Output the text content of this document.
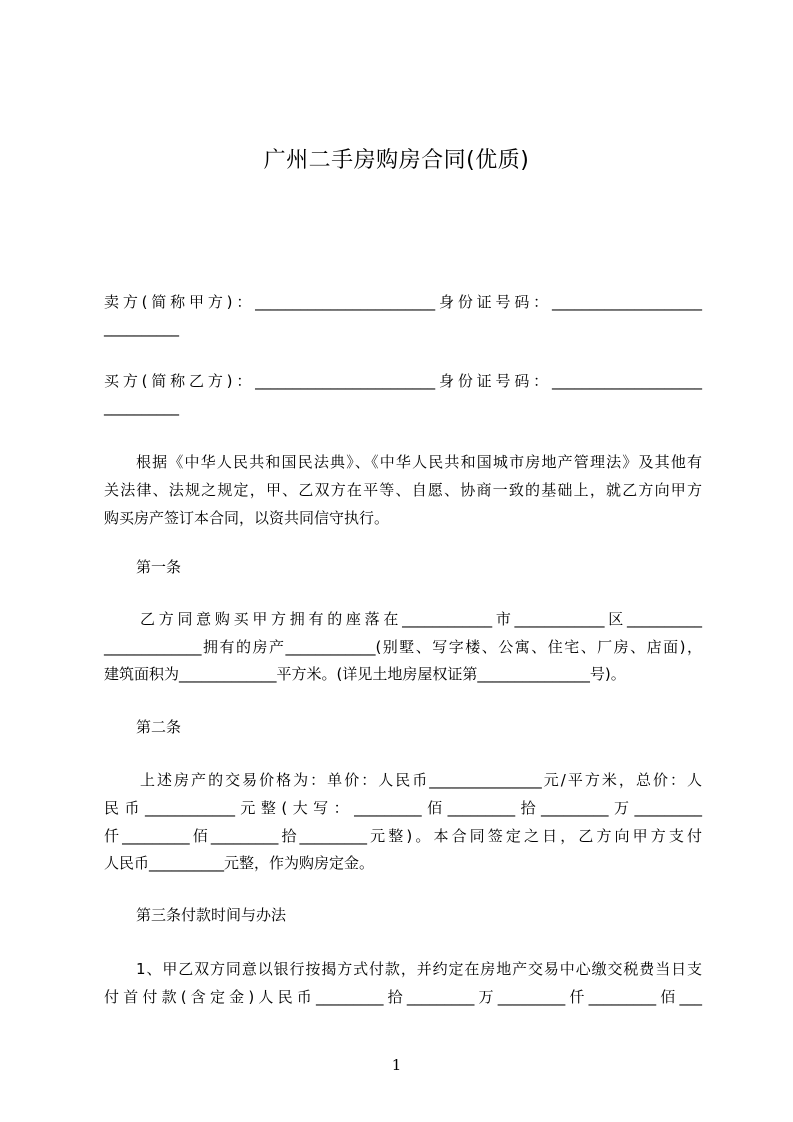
广州二手房购房合同(优质)
卖方(简称甲方)：________________________身份证号码：____________________
__________
买方(简称乙方)：________________________身份证号码：____________________
__________
根据《中华人民共和国民法典》、《中华人民共和国城市房地产管理法》及其他有
关法律、法规之规定，甲、乙双方在平等、自愿、协商一致的基础上，就乙方向甲方
购买房产签订本合同，以资共同信守执行。
第一条
乙方同意购买甲方拥有的座落在____________市____________区__________
_____________拥有的房产____________(别墅、写字楼、公寓、住宅、厂房、店面)，
建筑面积为_____________平方米。(详见土地房屋权证第_______________号)。
第二条
上述房产的交易价格为：单价：人民币_______________元/平方米，总价：人
民币____________元整(大写：_________佰_________拾_________万_________
仟_________佰_________拾_________元整)。本合同签定之日，乙方向甲方支付
人民币__________元整，作为购房定金。
第三条付款时间与办法
1、甲乙双方同意以银行按揭方式付款，并约定在房地产交易中心缴交税费当日支
付首付款(含定金)人民币_________拾_________万_________仟_________佰___
1
